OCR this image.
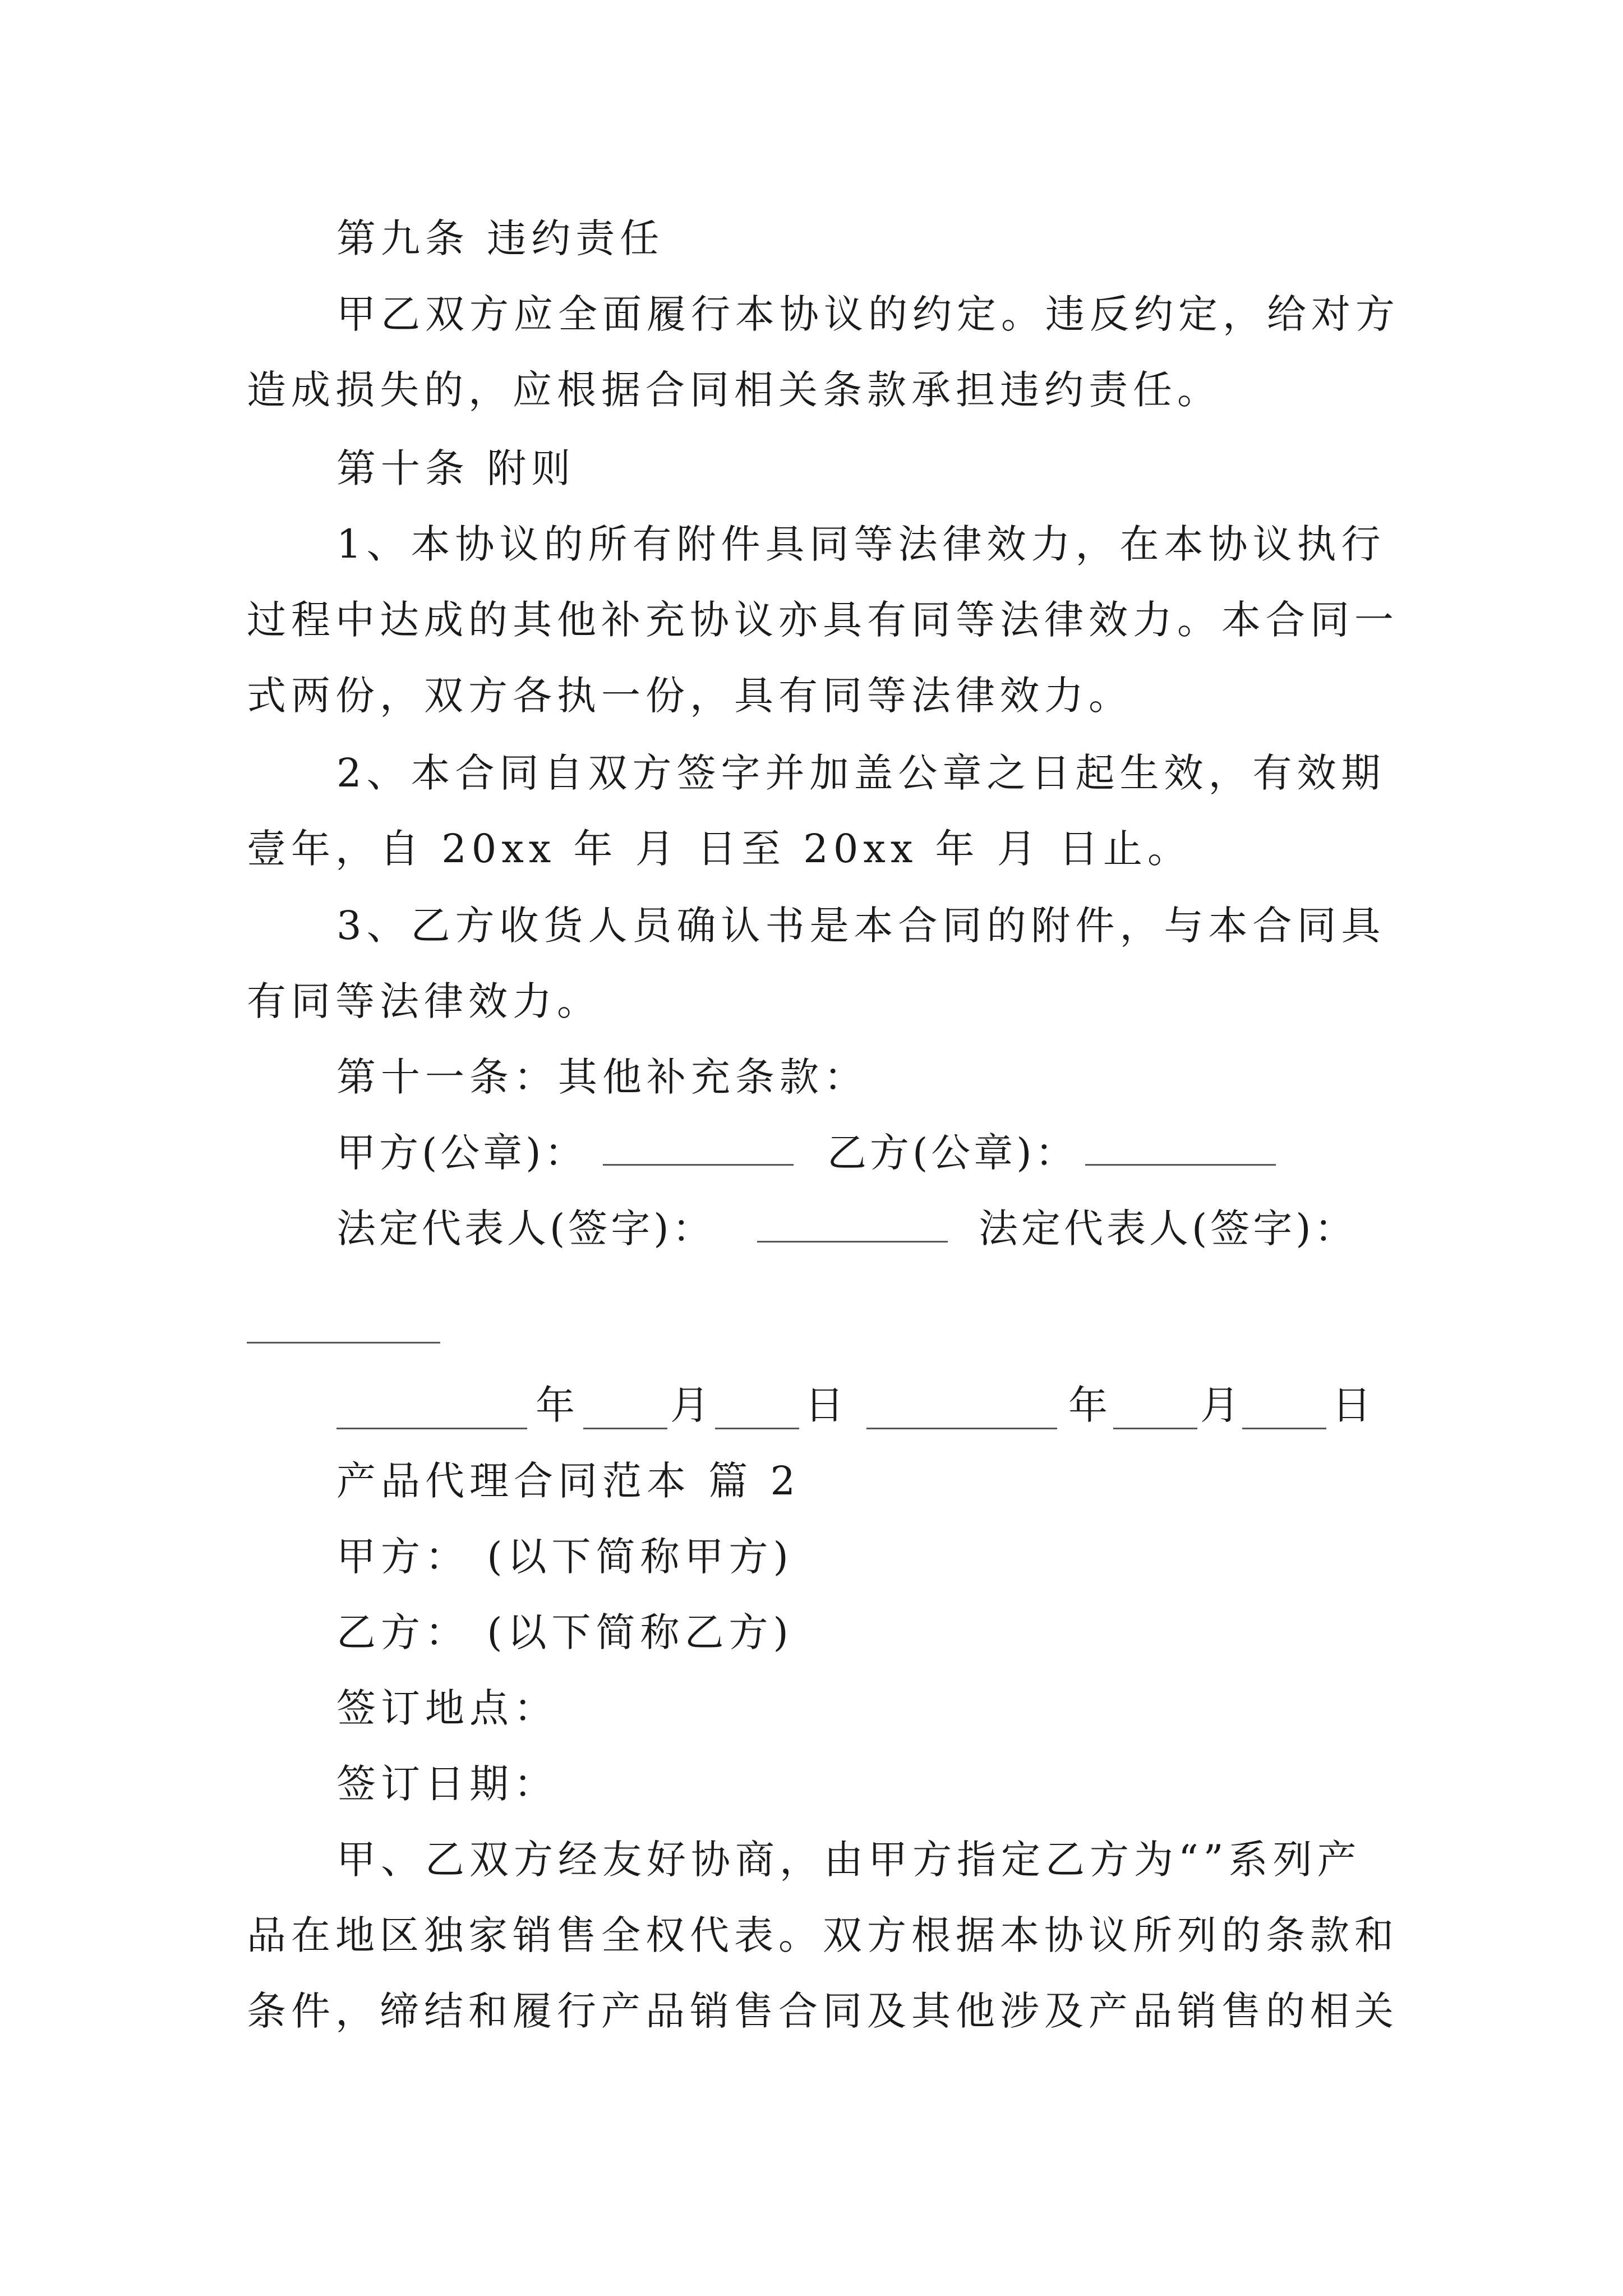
第九条 违约责任
甲乙双方应全面履行本协议的约定。违反约定，给对方
造成损失的，应根据合同相关条款承担违约责任。
第十条 附则
1、本协议的所有附件具同等法律效力，在本协议执行
过程中达成的其他补充协议亦具有同等法律效力。本合同一
式两份，双方各执一份，具有同等法律效力。
2、本合同自双方签字并加盖公章之日起生效，有效期
壹年，自 20xx 年 月 日至 20xx 年 月 日止。
3、乙方收货人员确认书是本合同的附件，与本合同具
有同等法律效力。
第十一条：其他补充条款：
甲方(公章)：	乙方(公章)：
法定代表人(签字)：	法定代表人(签字)：
年 月 日	年 月 日
产品代理合同范本 篇 2
甲方： (以下简称甲方)
乙方： (以下简称乙方)
签订地点：
签订日期：
甲、乙双方经友好协商，由甲方指定乙方为“”系列产
品在地区独家销售全权代表。双方根据本协议所列的条款和
条件，缔结和履行产品销售合同及其他涉及产品销售的相关
